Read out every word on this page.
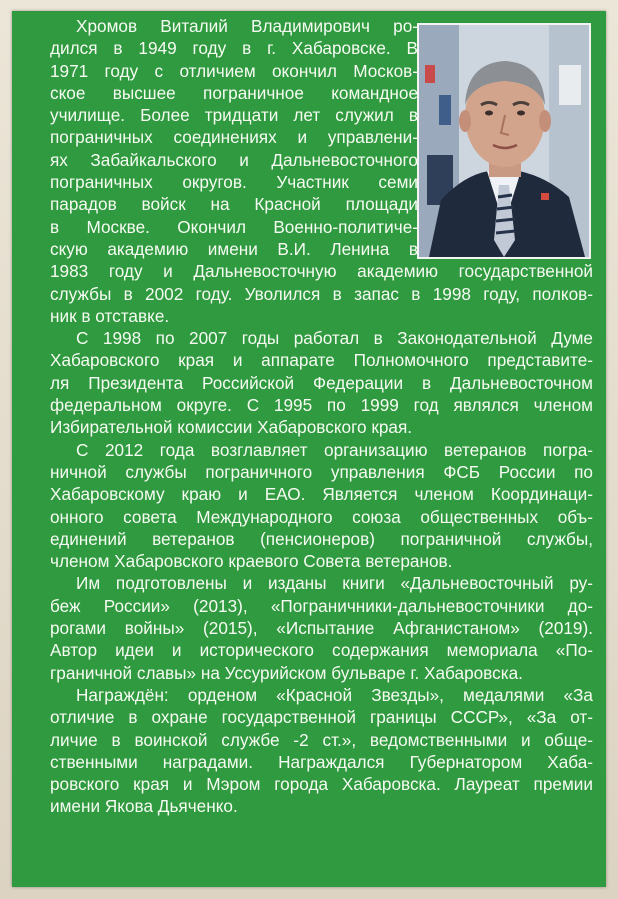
Хромов Виталий Владимирович ро-
дился в 1949 году в г. Хабаровске. В
1971 году с отличием окончил Москов-
ское высшее пограничное командное
училище. Более тридцати лет служил в
пограничных соединениях и управлени-
ях Забайкальского и Дальневосточного
пограничных округов. Участник семи
парадов войск на Красной площади
в Москве. Окончил Военно-политиче-
скую академию имени В.И. Ленина в
1983 году и Дальневосточную академию государственной
службы в 2002 году. Уволился в запас в 1998 году, полков-
ник в отставке.
С 1998 по 2007 годы работал в Законодательной Думе
Хабаровского края и аппарате Полномочного представите-
ля Президента Российской Федерации в Дальневосточном
федеральном округе. С 1995 по 1999 год являлся членом
Избирательной комиссии Хабаровского края.
С 2012 года возглавляет организацию ветеранов погра-
ничной службы пограничного управления ФСБ России по
Хабаровскому краю и ЕАО. Является членом Координаци-
онного совета Международного союза общественных объ-
единений ветеранов (пенсионеров) пограничной службы,
членом Хабаровского краевого Совета ветеранов.
Им подготовлены и изданы книги «Дальневосточный ру-
беж России» (2013), «Пограничники-дальневосточники до-
рогами войны» (2015), «Испытание Афганистаном» (2019).
Автор идеи и исторического содержания мемориала «По-
граничной славы» на Уссурийском бульваре г. Хабаровска.
Награждён: орденом «Красной Звезды», медалями «За
отличие в охране государственной границы СССР», «За от-
личие в воинской службе -2 ст.», ведомственными и обще-
ственными наградами. Награждался Губернатором Хаба-
ровского края и Мэром города Хабаровска. Лауреат премии
имени Якова Дьяченко.
